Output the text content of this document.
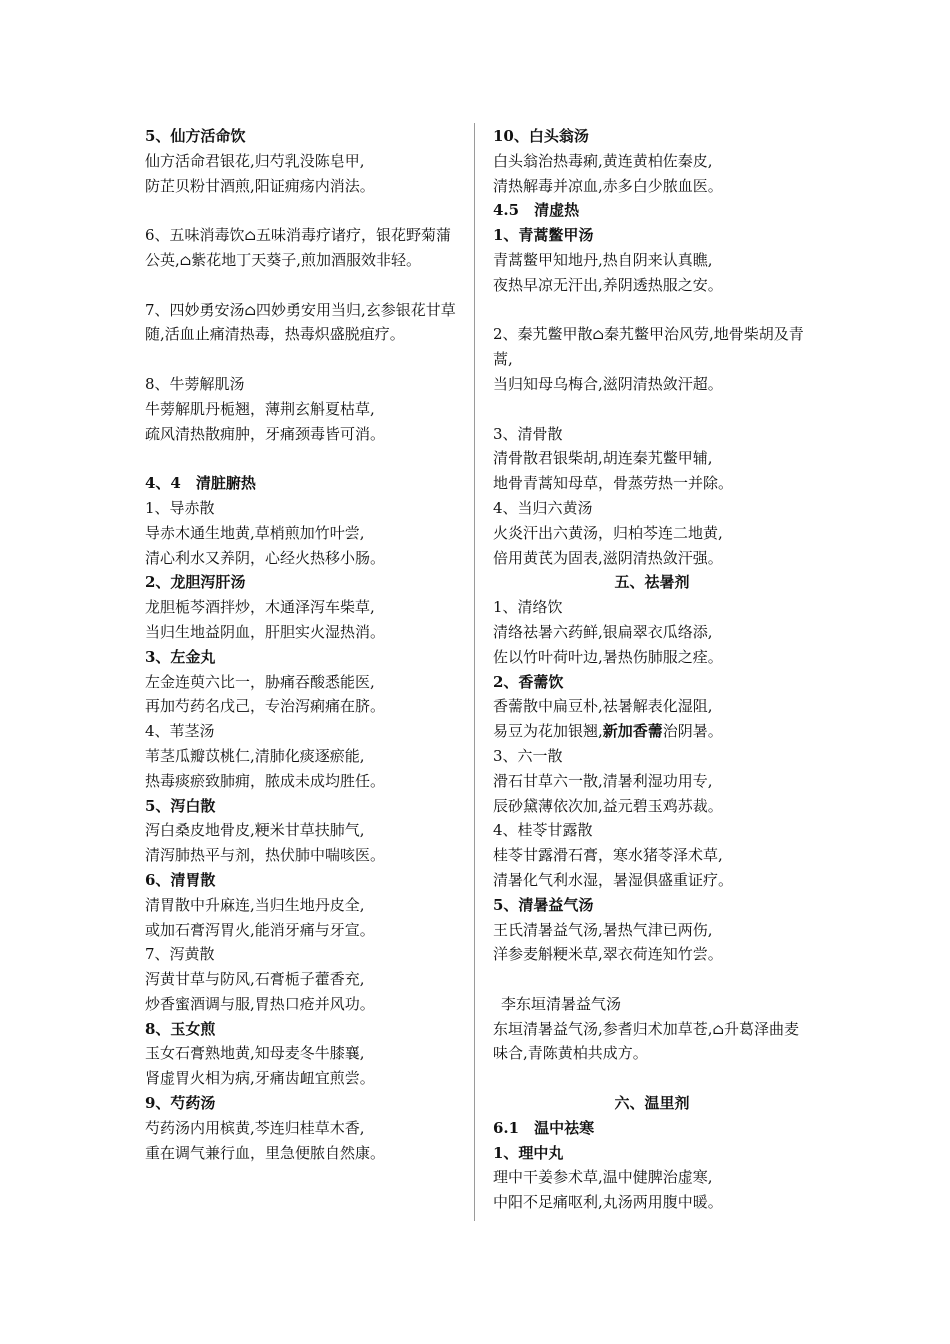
5、仙方活命饮
仙方活命君银花,归芍乳没陈皂甲,
防芷贝粉甘酒煎,阳证痈疡内消法。
6、五味消毒饮⌂五味消毒疗诸疗，银花野菊蒲公英,⌂紫花地丁天葵子,煎加酒服效非轻。
7、四妙勇安汤⌂四妙勇安用当归,玄参银花甘草随,活血止痛清热毒，热毒炽盛脱疽疗。
8、牛蒡解肌汤
牛蒡解肌丹栀翘，薄荆玄斛夏枯草,
疏风清热散痈肿，牙痛颈毒皆可消。
4、4　清脏腑热
1、导赤散
导赤木通生地黄,草梢煎加竹叶尝,
清心利水又养阴，心经火热移小肠。
2、龙胆泻肝汤
龙胆栀芩酒拌炒，木通泽泻车柴草,
当归生地益阴血，肝胆实火湿热消。
3、左金丸
左金连萸六比一，胁痛吞酸悉能医,
再加芍药名戊己，专治泻痢痛在脐。
4、苇茎汤
苇茎瓜瓣苡桃仁,清肺化痰逐瘀能,
热毒痰瘀致肺痈，脓成未成均胜任。
5、泻白散
泻白桑皮地骨皮,粳米甘草扶肺气,
清泻肺热平与剂，热伏肺中喘咳医。
6、清胃散
清胃散中升麻连,当归生地丹皮全,
或加石膏泻胃火,能消牙痛与牙宣。
7、泻黄散
泻黄甘草与防风,石膏栀子藿香充,
炒香蜜酒调与服,胃热口疮并风功。
8、玉女煎
玉女石膏熟地黄,知母麦冬牛膝襄,
肾虚胃火相为病,牙痛齿衄宜煎尝。
9、芍药汤
芍药汤内用槟黄,芩连归桂草木香,
重在调气兼行血，里急便脓自然康。
10、白头翁汤
白头翁治热毒痢,黄连黄柏佐秦皮,
清热解毒并凉血,赤多白少脓血医。
4.5　清虚热
1、青蒿鳖甲汤
青蒿鳖甲知地丹,热自阴来认真瞧,
夜热早凉无汗出,养阴透热服之安。
2、秦艽鳖甲散⌂秦艽鳖甲治风劳,地骨柴胡及青蒿,
当归知母乌梅合,滋阴清热敛汗超。
3、清骨散
清骨散君银柴胡,胡连秦艽鳖甲辅,
地骨青蒿知母草，骨蒸劳热一并除。
4、当归六黄汤
火炎汗出六黄汤，归柏芩连二地黄,
倍用黄芪为固表,滋阴清热敛汗强。
五、祛暑剂
1、清络饮
清络祛暑六药鲜,银扁翠衣瓜络添,
佐以竹叶荷叶边,暑热伤肺服之痊。
2、香薷饮
香薷散中扁豆朴,祛暑解表化湿阻,
易豆为花加银翘,新加香薷治阴暑。
3、六一散
滑石甘草六一散,清暑利湿功用专,
辰砂黛薄依次加,益元碧玉鸡苏裁。
4、桂苓甘露散
桂苓甘露滑石膏，寒水猪苓泽术草,
清暑化气利水湿，暑湿俱盛重证疗。
5、清暑益气汤
王氏清暑益气汤,暑热气津已两伤,
洋参麦斛粳米草,翠衣荷连知竹尝。
李东垣清暑益气汤
东垣清暑益气汤,参耆归术加草苍,⌂升葛泽曲麦味合,青陈黄柏共成方。
六、温里剂
6.1　温中祛寒
1、理中丸
理中干姜参术草,温中健脾治虚寒,
中阳不足痛呕利,丸汤两用腹中暖。
